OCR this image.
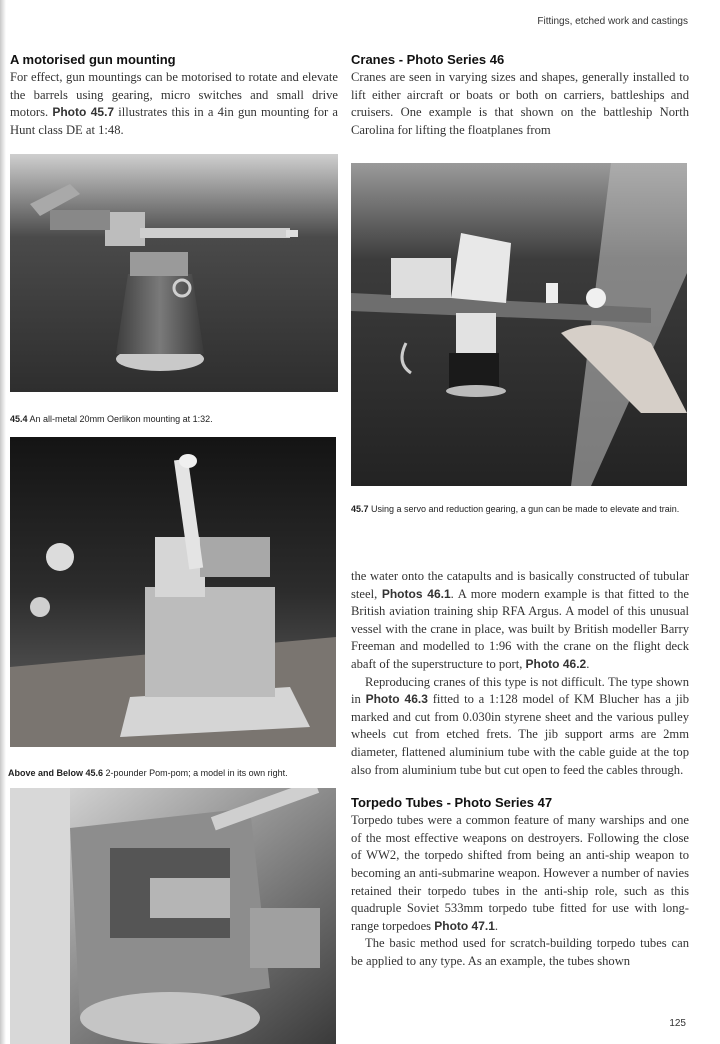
Fittings, etched work and castings
A motorised gun mounting

For effect, gun mountings can be motorised to rotate and elevate the barrels using gearing, micro switches and small drive motors. Photo 45.7 illustrates this in a 4in gun mounting for a Hunt class DE at 1:48.

45.4 An all-metal 20mm Oerlikon mounting at 1:32.
Above and Below 45.6 2-pounder Pom-pom; a model in its own right.
Cranes - Photo Series 46

Cranes are seen in varying sizes and shapes, generally installed to lift either aircraft or boats or both on carriers, battleships and cruisers. One example is that shown on the battleship North Carolina for lifting the floatplanes from

45.7 Using a servo and reduction gearing, a gun can be made to elevate and train.

the water onto the catapults and is basically constructed of tubular steel, Photos 46.1. A more modern example is that fitted to the British aviation training ship RFA Argus. A model of this unusual vessel with the crane in place, was built by British modeller Barry Freeman and modelled to 1:96 with the crane on the flight deck abaft of the superstructure to port, Photo 46.2.

Reproducing cranes of this type is not difficult. The type shown in Photo 46.3 fitted to a 1:128 model of KM Blucher has a jib marked and cut from 0.030in styrene sheet and the various pulley wheels cut from etched frets. The jib support arms are 2mm diameter, flattened aluminium tube with the cable guide at the top also from aluminium tube but cut open to feed the cables through.

Torpedo Tubes - Photo Series 47

Torpedo tubes were a common feature of many warships and one of the most effective weapons on destroyers. Following the close of WW2, the torpedo shifted from being an anti-ship weapon to becoming an anti-submarine weapon. However a number of navies retained their torpedo tubes in the anti-ship role, such as this quadruple Soviet 533mm torpedo tube fitted for use with long-range torpedoes Photo 47.1.

The basic method used for scratch-building torpedo tubes can be applied to any type. As an example, the tubes shown

125
